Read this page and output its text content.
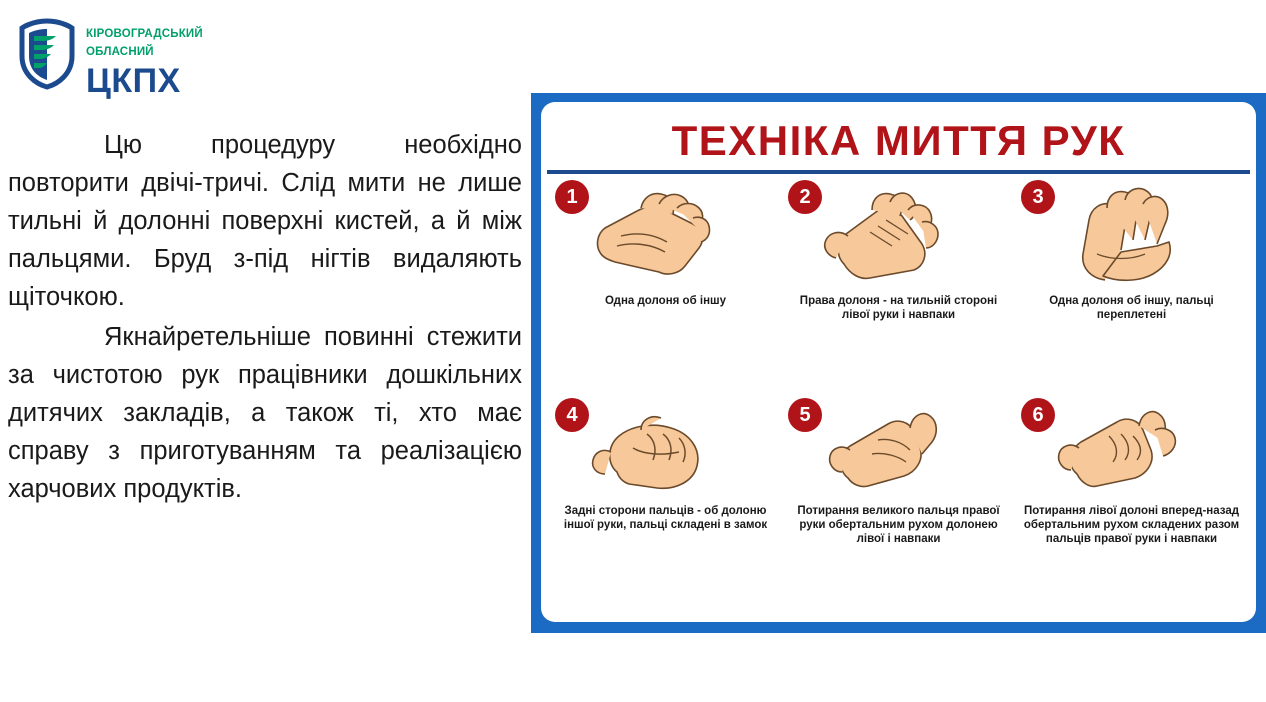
КІРОВОГРАДСЬКИЙ
ОБЛАСНИЙ
ЦКПХ

Цю процедуру необхідно повторити двічі-тричі. Слід мити не лише тильні й долонні поверхні кистей, а й між пальцями. Бруд з-під нігтів видаляють щіточкою.

Якнайретельніше повинні стежити за чистотою рук працівники дошкільних дитячих закладів, а також ті, хто має справу з приготуванням та реалізацією харчових продуктів.

ТЕХНІКА МИТТЯ РУК
1
Одна долоня об іншу
2
Права долоня - на тильній стороні лівої руки і навпаки
3
Одна долоня об іншу, пальці переплетені
4
Задні сторони пальців - об долоню іншої руки, пальці складені в замок
5
Потирання великого пальця правої руки обертальним рухом долонею лівої і навпаки
6
Потирання лівої долоні вперед-назад обертальним рухом складених разом пальців правої руки і навпаки
